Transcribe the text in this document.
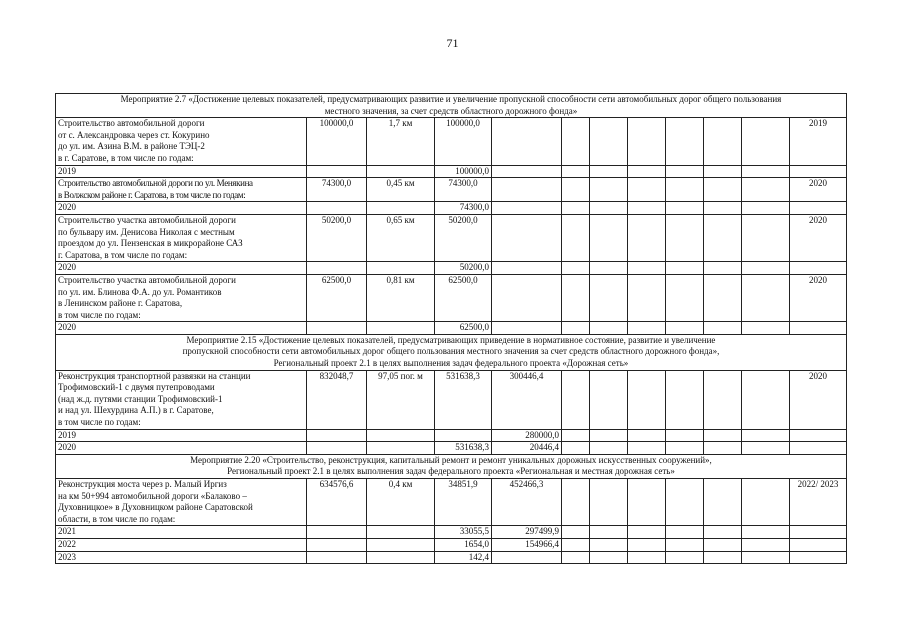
71
Мероприятие 2.7 «Достижение целевых показателей, предусматривающих развитие и увеличение пропускной способности сети автомобильных дорог общего пользования
местного значения, за счет средств областного дорожного фонда»											

Строительство автомобильной дороги
от с. Александровка через ст. Кокурино
до ул. им. Азина В.М. в районе ТЭЦ-2
в г. Саратове, в том числе по годам:	100000,0	1,7 км	100000,0								2019
2019			100000,0								

Строительство автомобильной дороги по ул. Менякина
в Волжском районе г. Саратова, в том числе по годам:	74300,0	0,45 км	74300,0								2020
2020			74300,0								

Строительство участка автомобильной дороги
по бульвару им. Денисова Николая с местным
проездом до ул. Пензенская в микрорайоне САЗ
г. Саратова, в том числе по годам:	50200,0	0,65 км	50200,0								2020
2020			50200,0								

Строительство участка автомобильной дороги
по ул. им. Блинова Ф.А. до ул. Романтиков
в Ленинском районе г. Саратова,
в том числе по годам:	62500,0	0,81 км	62500,0								2020
2020			62500,0								

Мероприятие 2.15 «Достижение целевых показателей, предусматривающих приведение в нормативное состояние, развитие и увеличение
пропускной способности сети автомобильных дорог общего пользования местного значения за счет средств областного дорожного фонда»,
Региональный проект 2.1 в целях выполнения задач федерального проекта «Дорожная сеть»											

Реконструкция транспортной развязки на станции
Трофимовский-1 с двумя путепроводами
(над ж.д. путями станции Трофимовский-1
и над ул. Шехурдина А.П.) в г. Саратове,
в том числе по годам:	832048,7	97,05 пог. м	531638,3	300446,4							2020
2019				280000,0							
2020			531638,3	20446,4							

Мероприятие 2.20 «Строительство, реконструкция, капитальный ремонт и ремонт уникальных дорожных искусственных сооружений»,
Региональный проект 2.1 в целях выполнения задач федерального проекта «Региональная и местная дорожная сеть»											

Реконструкция моста через р. Малый Иргиз
на км 50+994 автомобильной дороги «Балаково –
Духовницкое» в Духовницком районе Саратовской
области, в том числе по годам:	634576,6	0,4 км	34851,9	452466,3							2022/ 2023
2021			33055,5	297499,9							
2022			1654,0	154966,4							
2023			142,4								
